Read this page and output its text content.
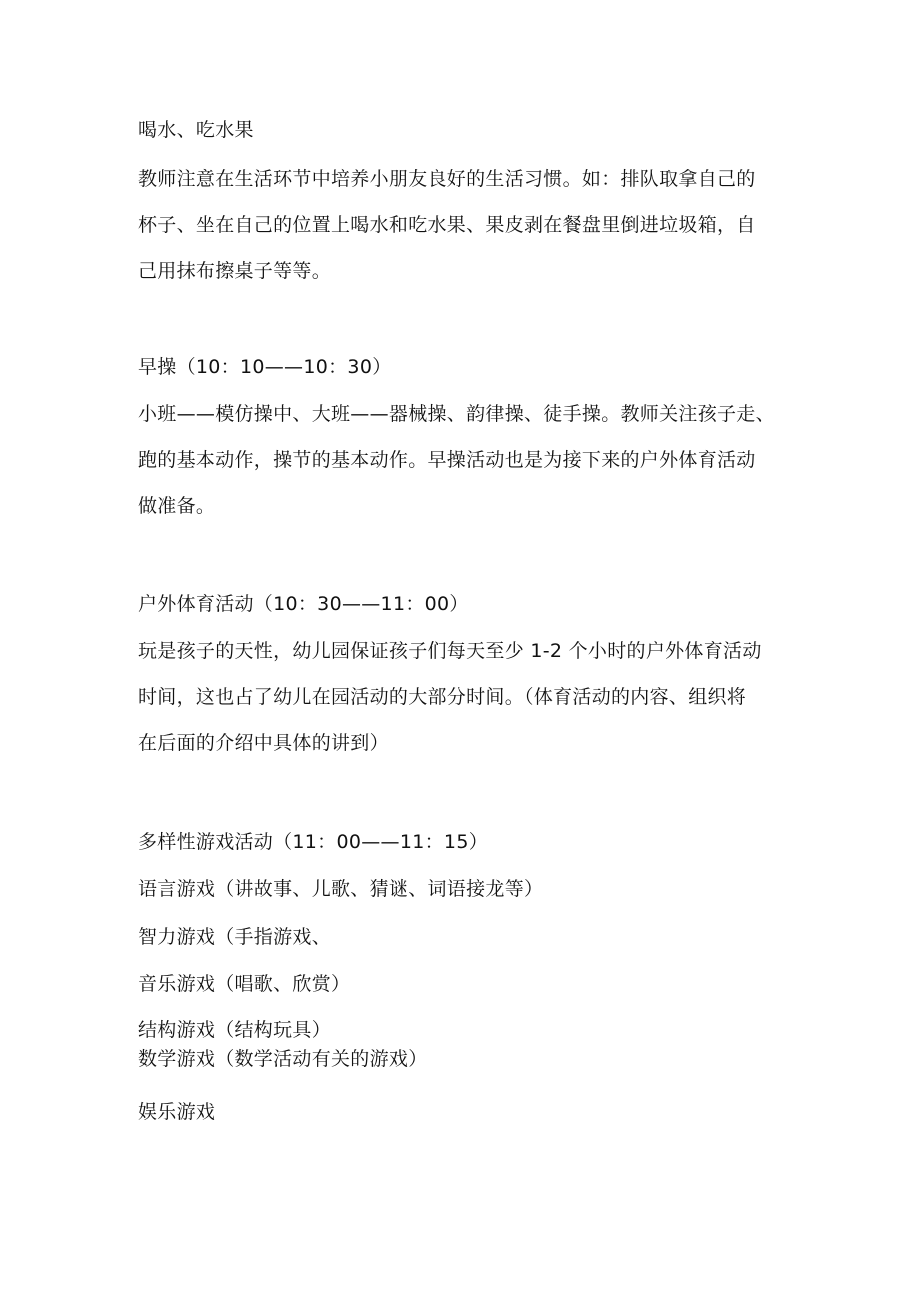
喝水、吃水果
教师注意在生活环节中培养小朋友良好的生活习惯。如：排队取拿自己的
杯子、坐在自己的位置上喝水和吃水果、果皮剥在餐盘里倒进垃圾箱，自
己用抹布擦桌子等等。
早操（10：10——10：30）
小班——模仿操中、大班——器械操、韵律操、徒手操。教师关注孩子走、
跑的基本动作，操节的基本动作。早操活动也是为接下来的户外体育活动
做准备。
户外体育活动（10：30——11：00）
玩是孩子的天性，幼儿园保证孩子们每天至少 1-2 个小时的户外体育活动
时间，这也占了幼儿在园活动的大部分时间。（体育活动的内容、组织将
在后面的介绍中具体的讲到）
多样性游戏活动（11：00——11：15）
语言游戏（讲故事、儿歌、猜谜、词语接龙等）
智力游戏（手指游戏、
音乐游戏（唱歌、欣赏）
结构游戏（结构玩具）
数学游戏（数学活动有关的游戏）
娱乐游戏
